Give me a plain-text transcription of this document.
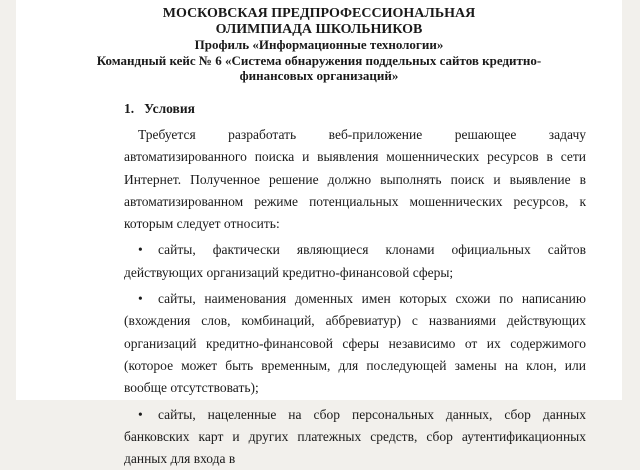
МОСКОВСКАЯ ПРЕДПРОФЕССИОНАЛЬНАЯ
ОЛИМПИАДА ШКОЛЬНИКОВ
Профиль «Информационные технологии»
Командный кейс № 6 «Система обнаружения поддельных сайтов кредитно-финансовых организаций»
1. Условия

Требуется разработать веб-приложение решающее задачу автоматизированного поиска и выявления мошеннических ресурсов в сети Интернет. Полученное решение должно выполнять поиск и выявление в автоматизированном режиме потенциальных мошеннических ресурсов, к которым следует относить:

• сайты, фактически являющиеся клонами официальных сайтов действующих организаций кредитно-финансовой сферы;
• сайты, наименования доменных имен которых схожи по написанию (вхождения слов, комбинаций, аббревиатур) с названиями действующих организаций кредитно-финансовой сферы независимо от их содержимого (которое может быть временным, для последующей замены на клон, или вообще отсутствовать);
• сайты, нацеленные на сбор персональных данных, сбор данных банковских карт и других платежных средств, сбор аутентификационных данных для входа в
